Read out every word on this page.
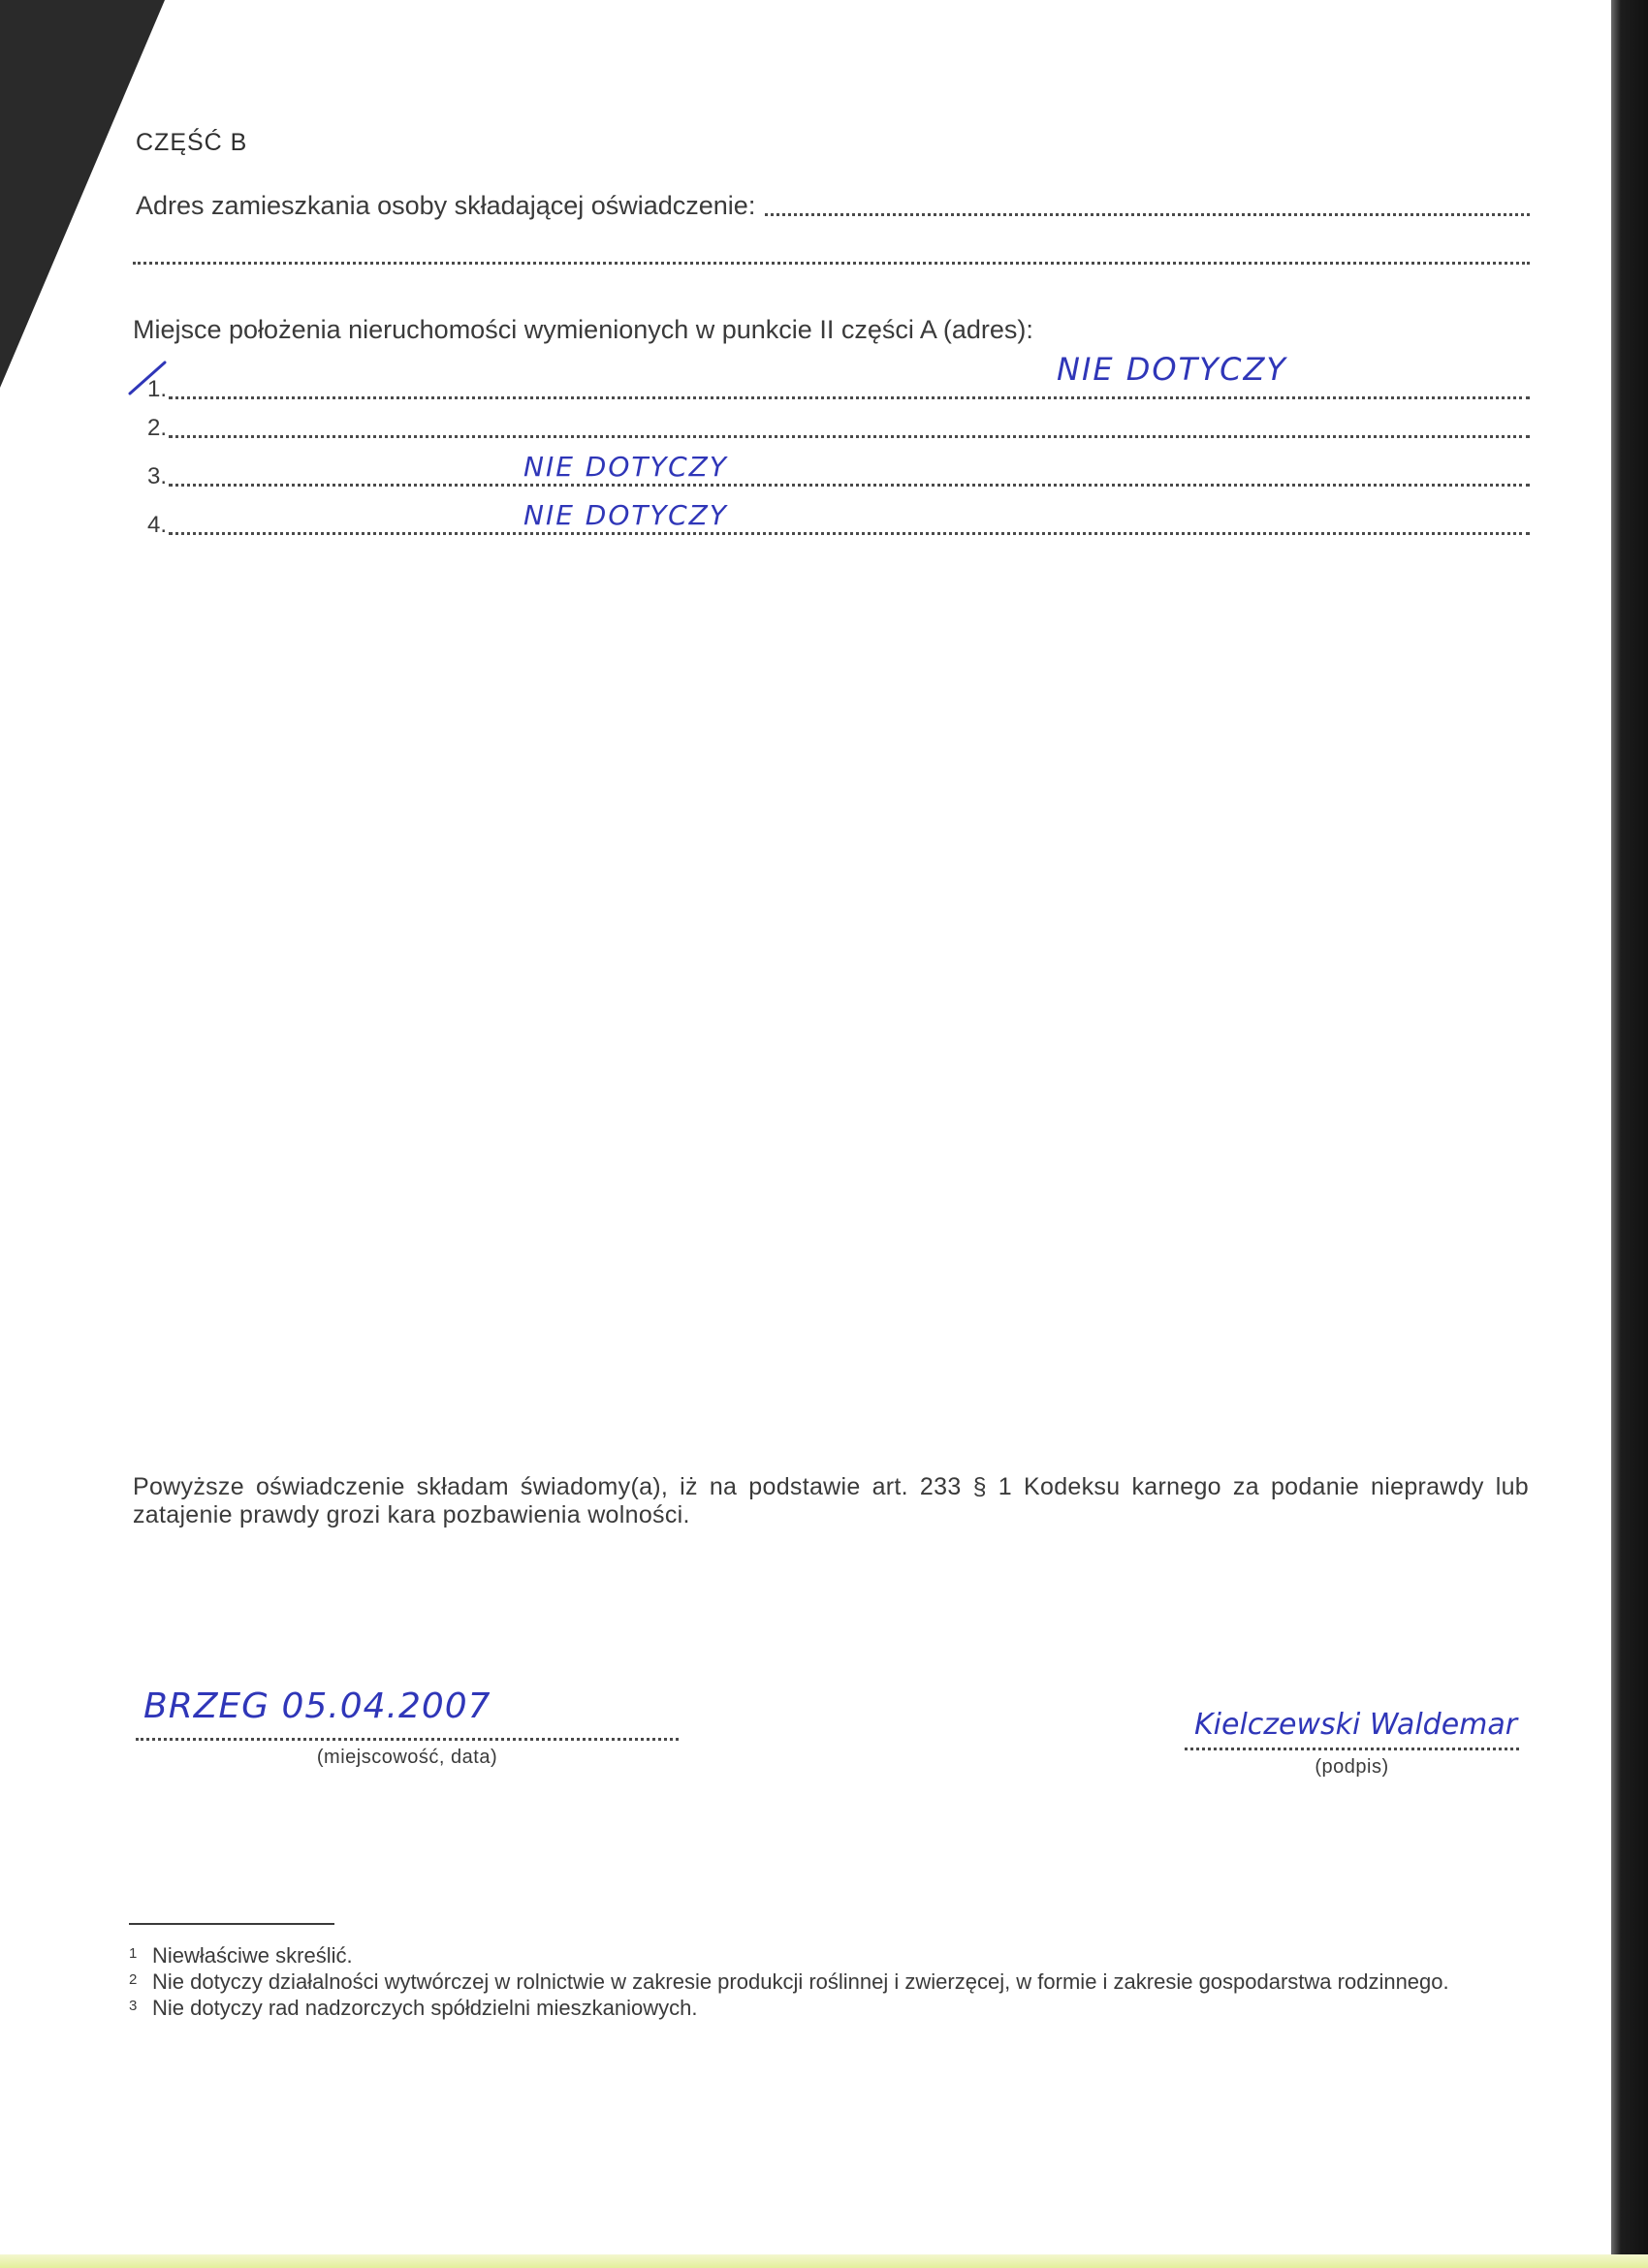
CZĘŚĆ B
Adres zamieszkania osoby składającej oświadczenie:
Miejsce położenia nieruchomości wymienionych w punkcie II części A (adres):
1.
2.
3.
4.
NIE DOTYCZY
NIE DOTYCZY
NIE DOTYCZY
Powyższe oświadczenie składam świadomy(a), iż na podstawie art. 233 § 1 Kodeksu karnego za podanie nieprawdy lub zatajenie prawdy grozi kara pozbawienia wolności.
BRZEG 05.04.2007
(miejscowość, data)
Kielczewski Waldemar
(podpis)
1 Niewłaściwe skreślić.
2 Nie dotyczy działalności wytwórczej w rolnictwie w zakresie produkcji roślinnej i zwierzęcej, w formie i zakresie gospodarstwa rodzinnego.
3 Nie dotyczy rad nadzorczych spółdzielni mieszkaniowych.
